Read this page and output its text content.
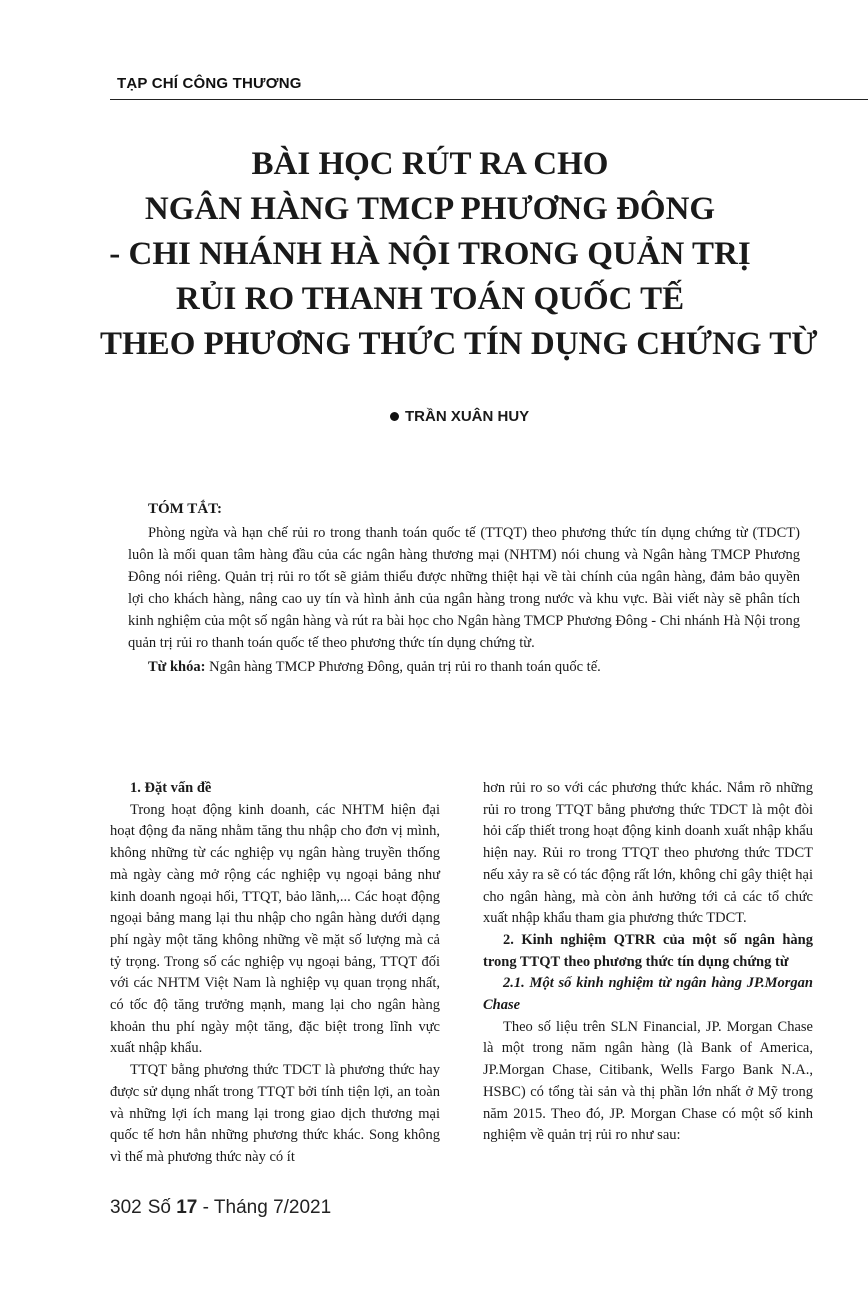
TẠP CHÍ CÔNG THƯƠNG
BÀI HỌC RÚT RA CHO
NGÂN HÀNG TMCP PHƯƠNG ĐÔNG
- CHI NHÁNH HÀ NỘI TRONG QUẢN TRỊ
RỦI RO THANH TOÁN QUỐC TẾ
THEO PHƯƠNG THỨC TÍN DỤNG CHỨNG TỪ
TRẦN XUÂN HUY
TÓM TẮT:

Phòng ngừa và hạn chế rủi ro trong thanh toán quốc tế (TTQT) theo phương thức tín dụng chứng từ (TDCT) luôn là mối quan tâm hàng đầu của các ngân hàng thương mại (NHTM) nói chung và Ngân hàng TMCP Phương Đông nói riêng. Quản trị rủi ro tốt sẽ giảm thiểu được những thiệt hại về tài chính của ngân hàng, đảm bảo quyền lợi cho khách hàng, nâng cao uy tín và hình ảnh của ngân hàng trong nước và khu vực. Bài viết này sẽ phân tích kinh nghiệm của một số ngân hàng và rút ra bài học cho Ngân hàng TMCP Phương Đông - Chi nhánh Hà Nội trong quản trị rủi ro thanh toán quốc tế theo phương thức tín dụng chứng từ.

Từ khóa: Ngân hàng TMCP Phương Đông, quản trị rủi ro thanh toán quốc tế.

1. Đặt vấn đề

Trong hoạt động kinh doanh, các NHTM hiện đại hoạt động đa năng nhằm tăng thu nhập cho đơn vị mình, không những từ các nghiệp vụ ngân hàng truyền thống mà ngày càng mở rộng các nghiệp vụ ngoại bảng như kinh doanh ngoại hối, TTQT, bảo lãnh,... Các hoạt động ngoại bảng mang lại thu nhập cho ngân hàng dưới dạng phí ngày một tăng không những về mặt số lượng mà cả tỷ trọng. Trong số các nghiệp vụ ngoại bảng, TTQT đối với các NHTM Việt Nam là nghiệp vụ quan trọng nhất, có tốc độ tăng trưởng mạnh, mang lại cho ngân hàng khoản thu phí ngày một tăng, đặc biệt trong lĩnh vực xuất nhập khẩu.

TTQT bằng phương thức TDCT là phương thức hay được sử dụng nhất trong TTQT bởi tính tiện lợi, an toàn và những lợi ích mang lại trong giao dịch thương mại quốc tế hơn hẳn những phương thức khác. Song không vì thế mà phương thức này có ít

hơn rủi ro so với các phương thức khác. Nắm rõ những rủi ro trong TTQT bằng phương thức TDCT là một đòi hỏi cấp thiết trong hoạt động kinh doanh xuất nhập khẩu hiện nay. Rủi ro trong TTQT theo phương thức TDCT nếu xảy ra sẽ có tác động rất lớn, không chỉ gây thiệt hại cho ngân hàng, mà còn ảnh hưởng tới cả các tổ chức xuất nhập khẩu tham gia phương thức TDCT.

2. Kinh nghiệm QTRR của một số ngân hàng trong TTQT theo phương thức tín dụng chứng từ
2.1. Một số kinh nghiệm từ ngân hàng JP.Morgan Chase

Theo số liệu trên SLN Financial, JP. Morgan Chase là một trong năm ngân hàng (là Bank of America, JP.Morgan Chase, Citibank, Wells Fargo Bank N.A., HSBC) có tổng tài sản và thị phần lớn nhất ở Mỹ trong năm 2015. Theo đó, JP. Morgan Chase có một số kinh nghiệm về quản trị rủi ro như sau:

302 Số 17 - Tháng 7/2021
